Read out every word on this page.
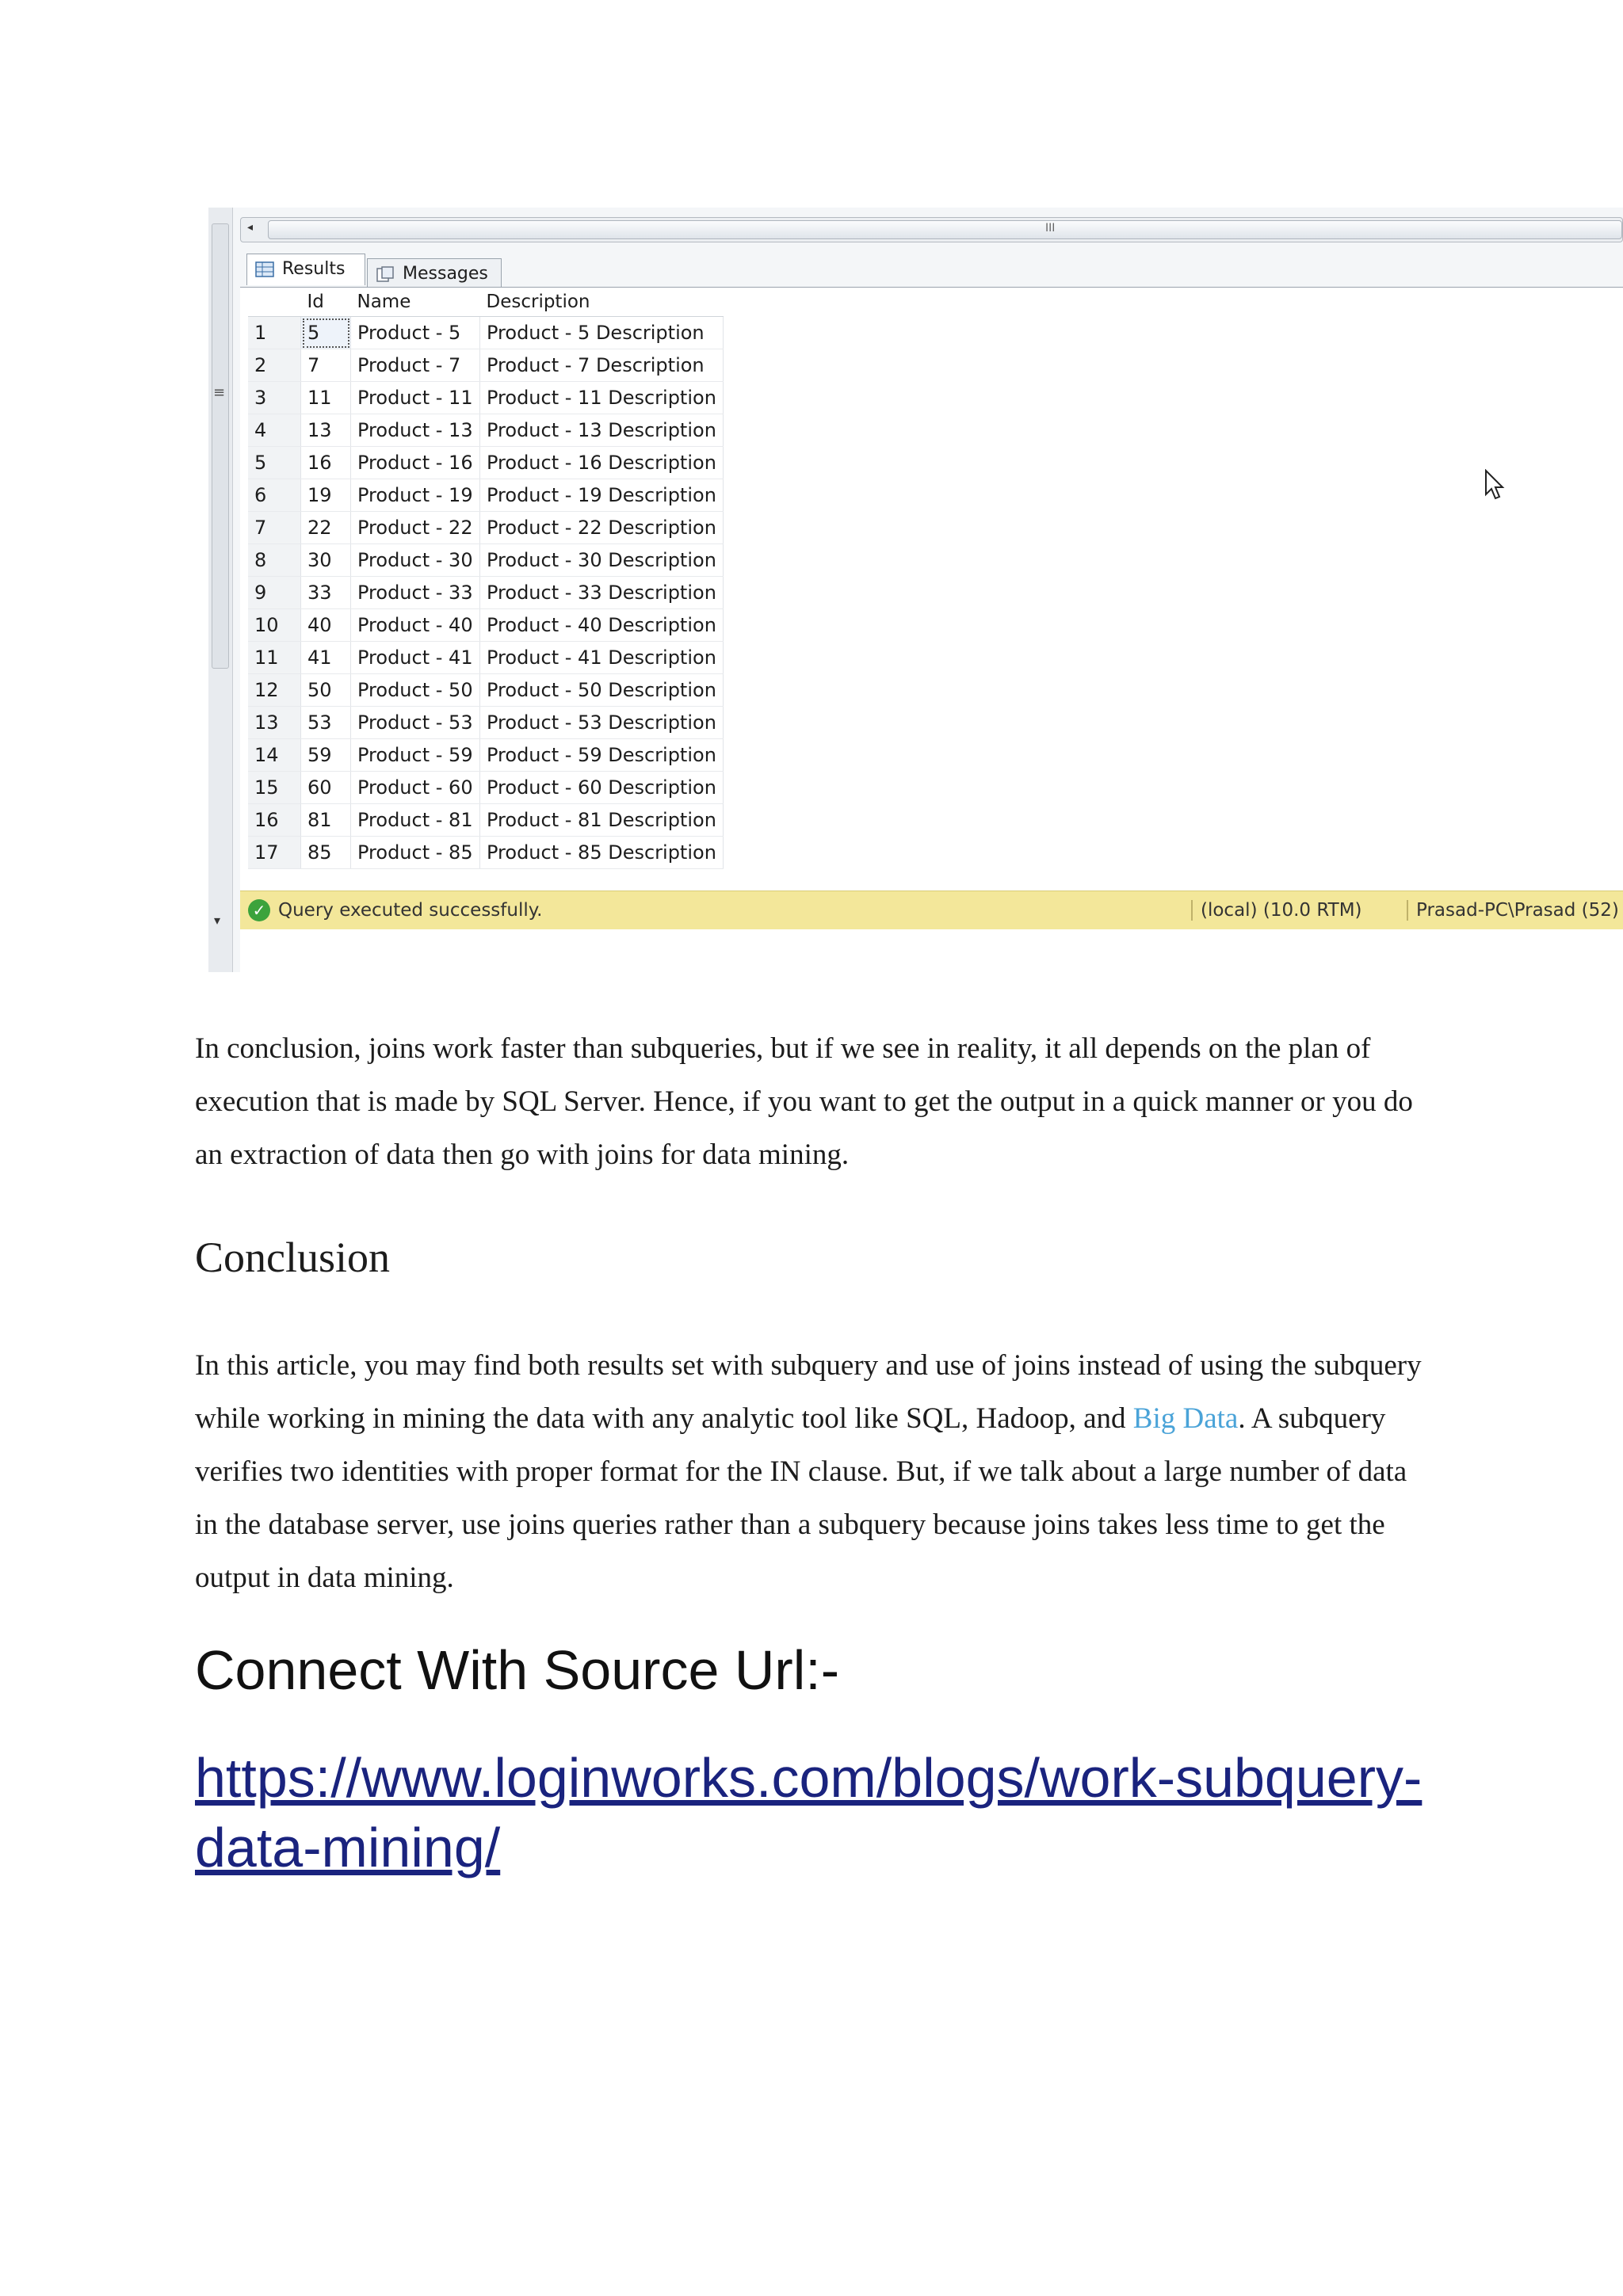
≡
▾
◂	III
Results	Messages
	Id	Name	Description
1	5	Product - 5	Product - 5 Description
2	7	Product - 7	Product - 7 Description
3	11	Product - 11	Product - 11 Description
4	13	Product - 13	Product - 13 Description
5	16	Product - 16	Product - 16 Description
6	19	Product - 19	Product - 19 Description
7	22	Product - 22	Product - 22 Description
8	30	Product - 30	Product - 30 Description
9	33	Product - 33	Product - 33 Description
10	40	Product - 40	Product - 40 Description
11	41	Product - 41	Product - 41 Description
12	50	Product - 50	Product - 50 Description
13	53	Product - 53	Product - 53 Description
14	59	Product - 59	Product - 59 Description
15	60	Product - 60	Product - 60 Description
16	81	Product - 81	Product - 81 Description
17	85	Product - 85	Product - 85 Description
✓ Query executed successfully.	(local) (10.0 RTM)	Prasad-PC\Prasad (52)

In conclusion, joins work faster than subqueries, but if we see in reality, it all depends on the plan of execution that is made by SQL Server. Hence, if you want to get the output in a quick manner or you do an extraction of data then go with joins for data mining.

Conclusion

In this article, you may find both results set with subquery and use of joins instead of using the subquery while working in mining the data with any analytic tool like SQL, Hadoop, and Big Data. A subquery verifies two identities with proper format for the IN clause. But, if we talk about a large number of data in the database server, use joins queries rather than a subquery because joins takes less time to get the output in data mining.

Connect With Source Url:-
https://www.loginworks.com/blogs/work-subquery-data-mining/
